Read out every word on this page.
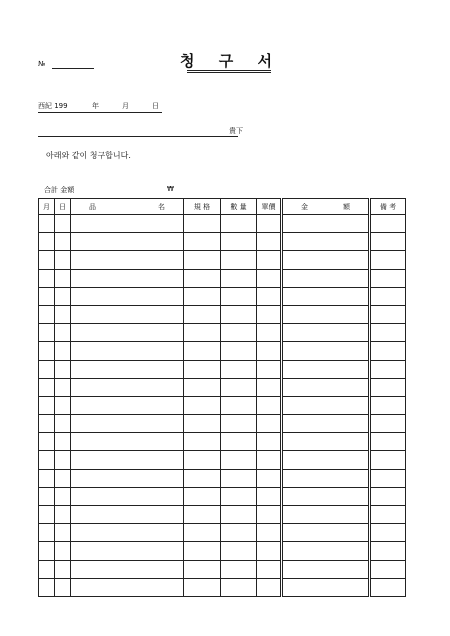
№	청 구 서
西紀 199	年	月	日
貴下
아래와 같이 청구합니다.
合計 金額	₩
月	日	品 名	規 格	數 量	單價	金 額	備 考
